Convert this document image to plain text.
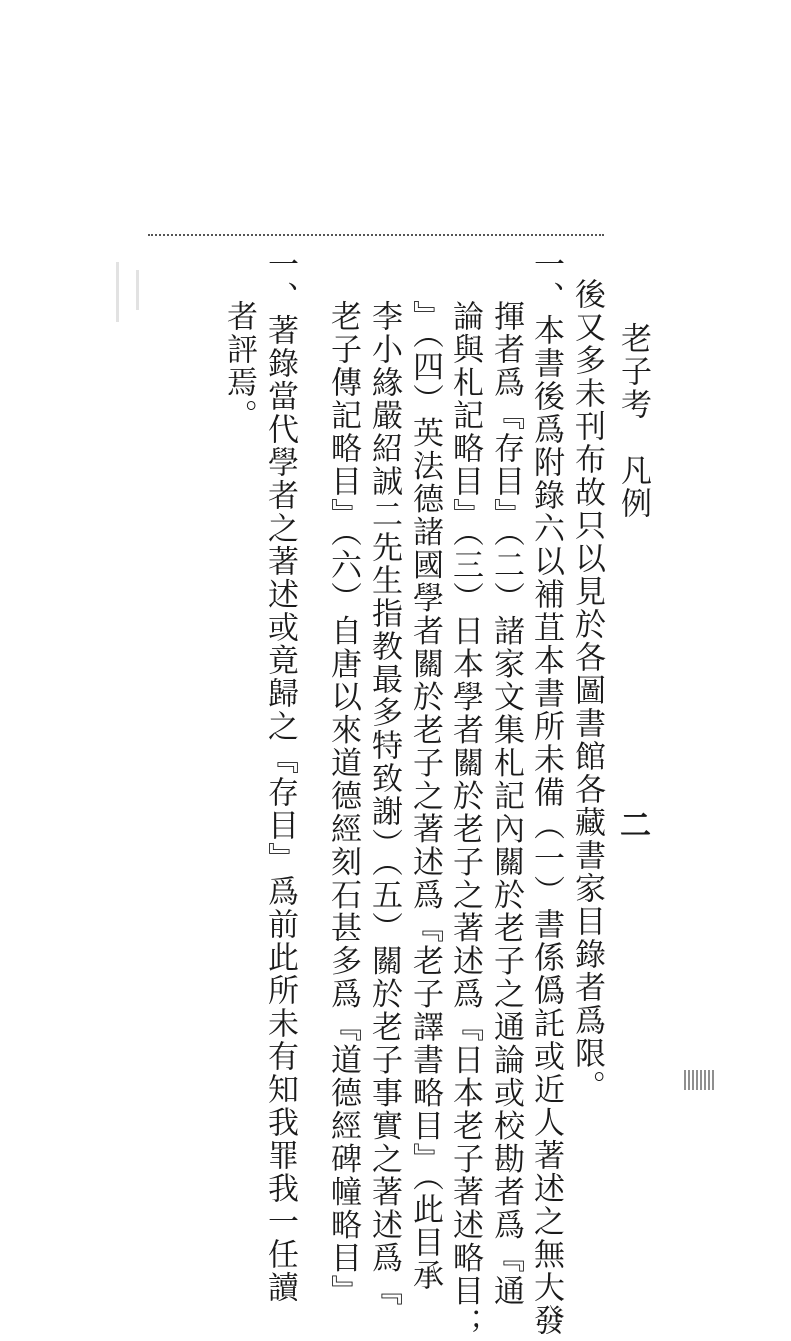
老子考　凡例
二
後又多未刊布故只以見於各圖書館各藏書家目錄者爲限。
一、本書後爲附錄六以補苴本書所未備（一）書係僞託或近人著述之無大發
揮者爲『存目』（二）諸家文集札記內關於老子之通論或校勘者爲『通
論與札記略目』（三）日本學者關於老子之著述爲『日本老子著述略目；
』（四）英法德諸國學者關於老子之著述爲『老子譯書略目』（此目承
李小緣嚴紹誠二先生指教最多特致謝）（五）關於老子事實之著述爲『
老子傳記略目』（六）自唐以來道德經刻石甚多爲『道德經碑幢略目』
一、著錄當代學者之著述或竟歸之『存目』爲前此所未有知我罪我一任讀
者評焉。
